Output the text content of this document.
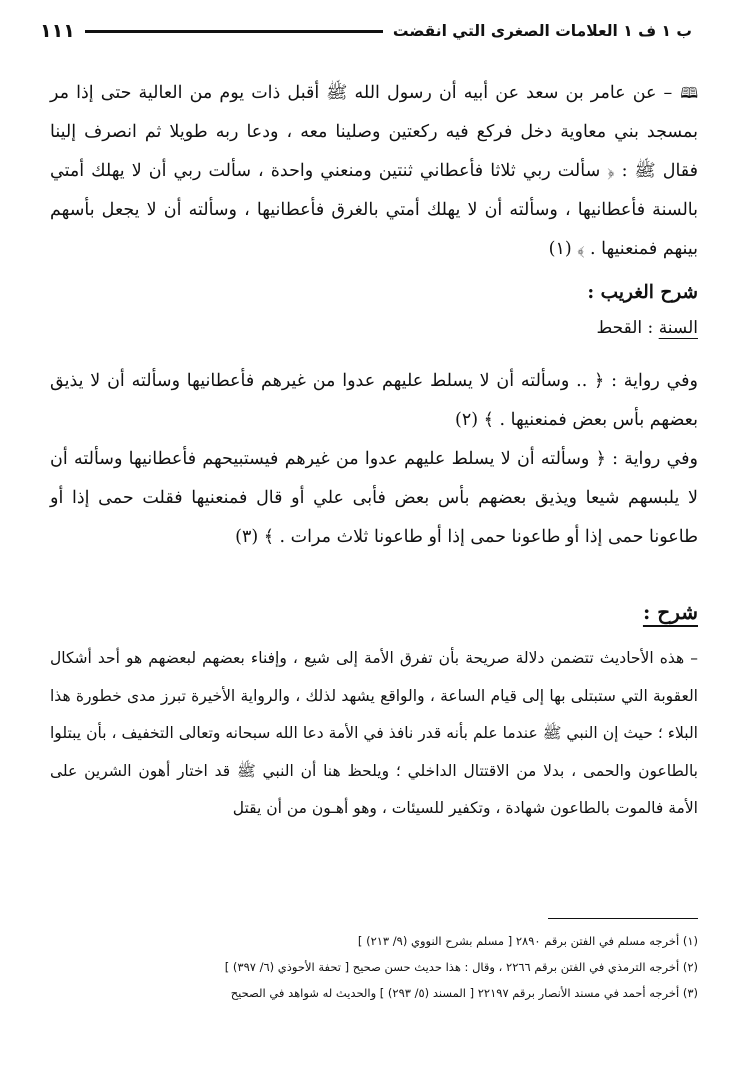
ب ١ ف ١ العلامات الصغرى التي انقضت
١١١

🕮– عن عامر بن سعد عن أبيه أن رسول الله ﷺ أقبل ذات يوم من العالية حتى إذا مر بمسجد بني معاوية دخل فركع فيه ركعتين وصلينا معه ، ودعا ربه طويلا ثم انصرف إلينا فقال ﷺ : ﴿ سألت ربي ثلاثا فأعطاني ثنتين ومنعني واحدة ، سألت ربي أن لا يهلك أمتي بالسنة فأعطانيها ، وسألته أن لا يهلك أمتي بالغرق فأعطانيها ، وسألته أن لا يجعل بأسهم بينهم فمنعنيها . ﴾ (١)

شرح الغريب :
السنة : القحط

وفي رواية : ﴿ .. وسألته أن لا يسلط عليهم عدوا من غيرهم فأعطانيها وسألته أن لا يذيق بعضهم بأس بعض فمنعنيها . ﴾ (٢)

وفي رواية : ﴿ وسألته أن لا يسلط عليهم عدوا من غيرهم فيستبيحهم فأعطانيها وسألته أن لا يلبسهم شيعا ويذيق بعضهم بأس بعض فأبى علي أو قال فمنعنيها فقلت حمى إذا أو طاعونا حمى إذا أو طاعونا حمى إذا أو طاعونا ثلاث مرات . ﴾ (٣)

شرح :

– هذه الأحاديث تتضمن دلالة صريحة بأن تفرق الأمة إلى شيع ، وإفناء بعضهم لبعضهم هو أحد أشكال العقوبة التي ستبتلى بها إلى قيام الساعة ، والواقع يشهد لذلك ، والرواية الأخيرة تبرز مدى خطورة هذا البلاء ؛ حيث إن النبي ﷺ عندما علم بأنه قدر نافذ في الأمة دعا الله سبحانه وتعالى التخفيف ، بأن يبتلوا بالطاعون والحمى ، بدلا من الاقتتال الداخلي ؛ ويلحظ هنا أن النبي ﷺ قد اختار أهون الشرين على الأمة فالموت بالطاعون شهادة ، وتكفير للسيئات ، وهو أهـون من أن يقتل

(١) أخرجه مسلم في الفتن برقم ٢٨٩٠ [ مسلم بشرح النووي (٩/ ٢١٣) ]
(٢) أخرجه الترمذي في الفتن برقم ٢٢٦٦ ، وقال : هذا حديث حسن صحيح [ تحفة الأحوذي (٦/ ٣٩٧) ]
(٣) أخرجه أحمد في مسند الأنصار برقم ٢٢١٩٧ [ المسند (٥/ ٢٩٣) ] والحديث له شواهد في الصحيح
